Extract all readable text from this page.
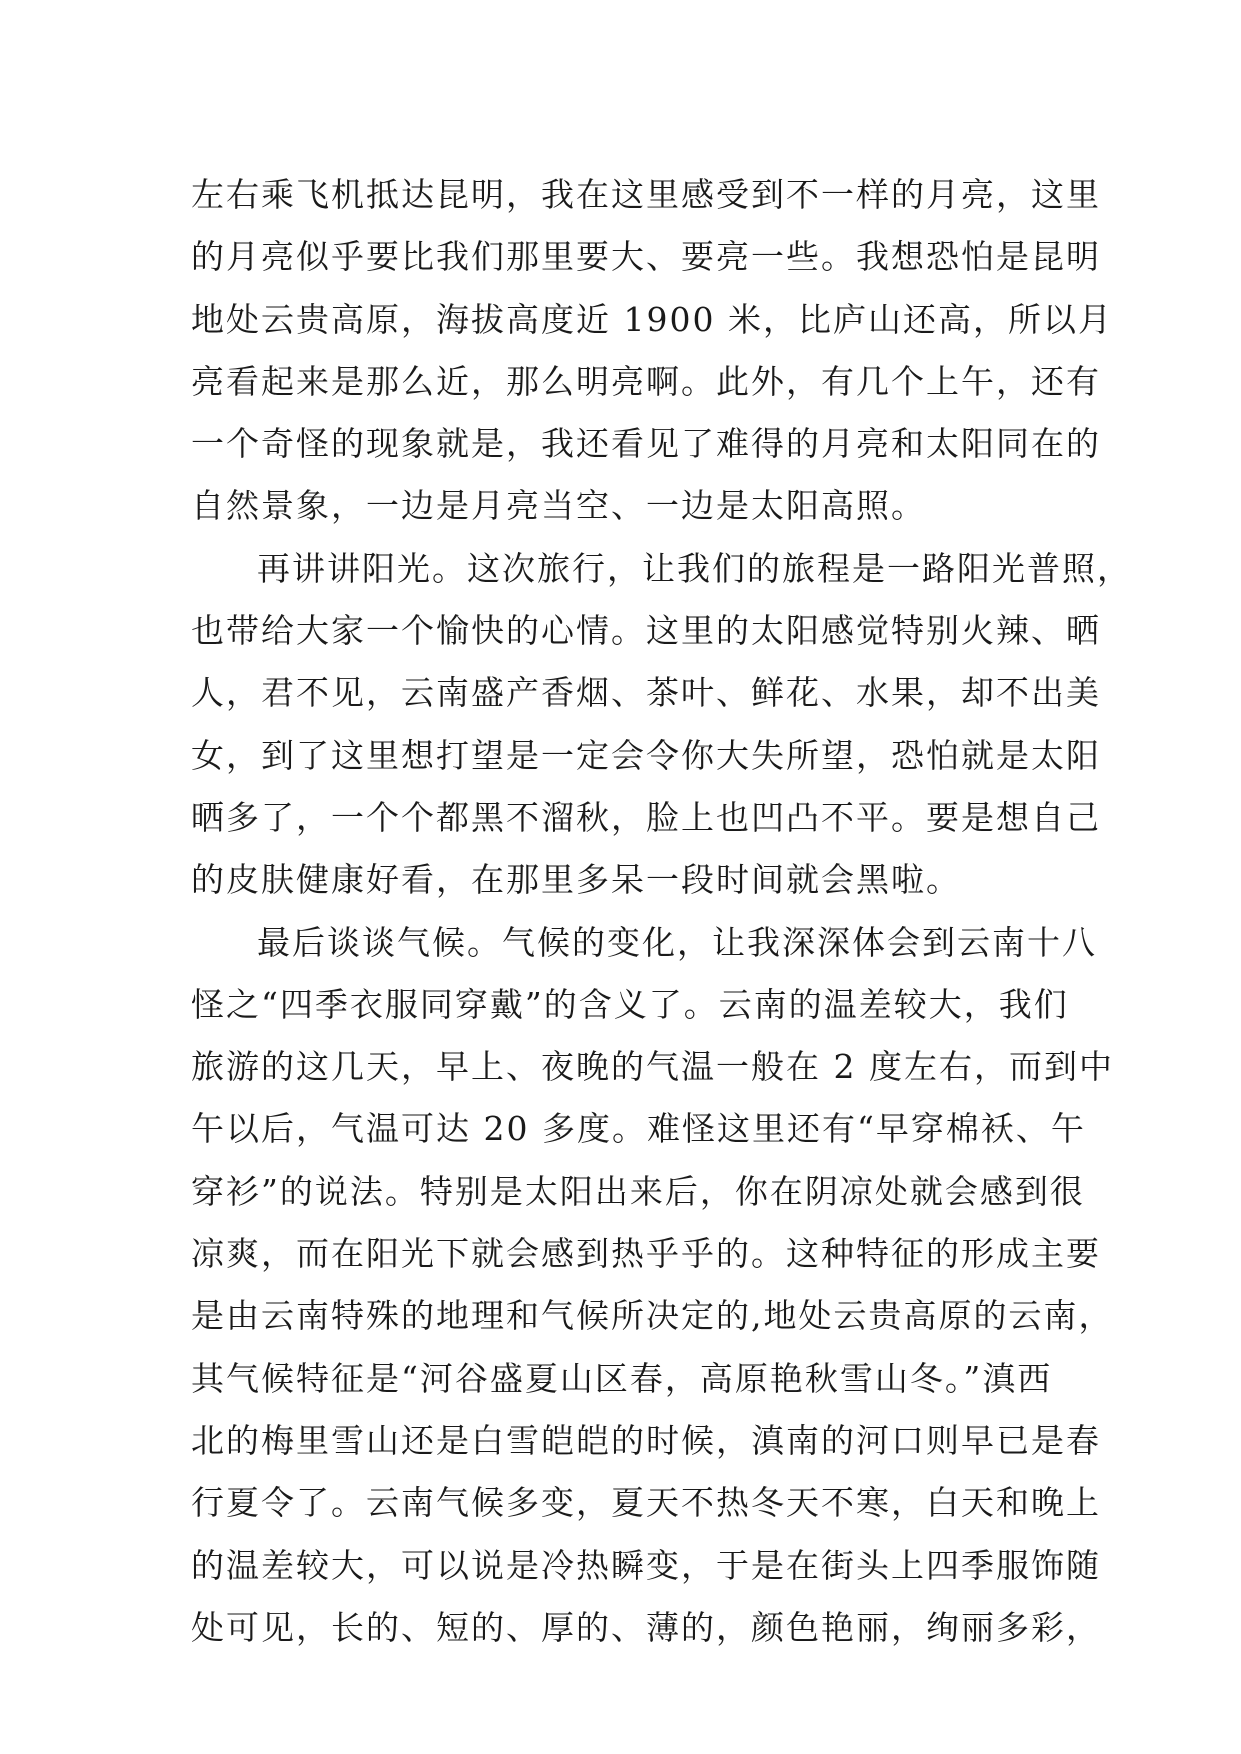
左右乘飞机抵达昆明，我在这里感受到不一样的月亮，这里
的月亮似乎要比我们那里要大、要亮一些。我想恐怕是昆明
地处云贵高原，海拔高度近 1900 米，比庐山还高，所以月
亮看起来是那么近，那么明亮啊。此外，有几个上午，还有
一个奇怪的现象就是，我还看见了难得的月亮和太阳同在的
自然景象，一边是月亮当空、一边是太阳高照。
再讲讲阳光。这次旅行，让我们的旅程是一路阳光普照，
也带给大家一个愉快的心情。这里的太阳感觉特别火辣、晒
人，君不见，云南盛产香烟、茶叶、鲜花、水果，却不出美
女，到了这里想打望是一定会令你大失所望，恐怕就是太阳
晒多了，一个个都黑不溜秋，脸上也凹凸不平。要是想自己
的皮肤健康好看，在那里多呆一段时间就会黑啦。
最后谈谈气候。气候的变化，让我深深体会到云南十八
怪之“四季衣服同穿戴”的含义了。云南的温差较大，我们
旅游的这几天，早上、夜晚的气温一般在 2 度左右，而到中
午以后，气温可达 20 多度。难怪这里还有“早穿棉袄、午
穿衫”的说法。特别是太阳出来后，你在阴凉处就会感到很
凉爽，而在阳光下就会感到热乎乎的。这种特征的形成主要
是由云南特殊的地理和气候所决定的,地处云贵高原的云南，
其气候特征是“河谷盛夏山区春，高原艳秋雪山冬。”滇西
北的梅里雪山还是白雪皑皑的时候，滇南的河口则早已是春
行夏令了。云南气候多变，夏天不热冬天不寒，白天和晚上
的温差较大，可以说是冷热瞬变，于是在街头上四季服饰随
处可见，长的、短的、厚的、薄的，颜色艳丽，绚丽多彩，
